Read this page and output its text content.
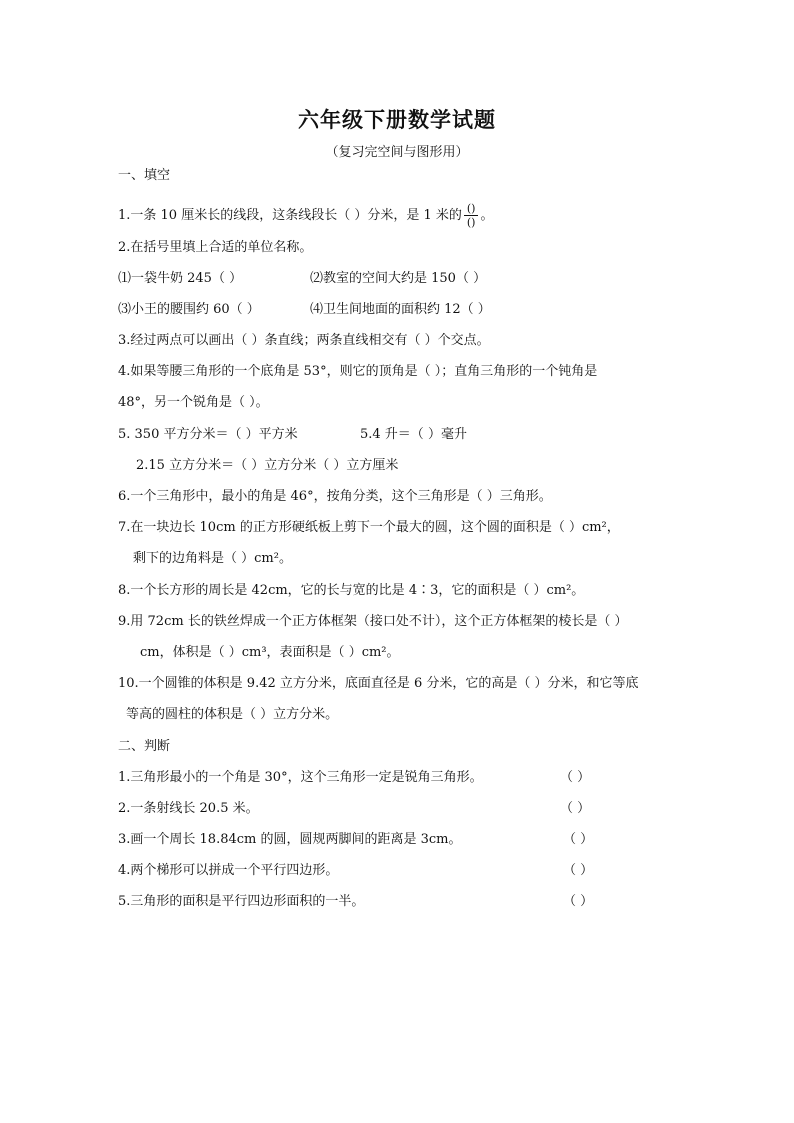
六年级下册数学试题
（复习完空间与图形用）
一、填空
1.一条 10 厘米长的线段，这条线段长（ ）分米，是 1 米的 $\frac{()}{()}$ 。
2.在括号里填上合适的单位名称。
⑴一袋牛奶 245（ ）	⑵教室的空间大约是 150（ ）
⑶小王的腰围约 60（ ）	⑷卫生间地面的面积约 12（ ）
3.经过两点可以画出（ ）条直线；两条直线相交有（ ）个交点。
4.如果等腰三角形的一个底角是 53°，则它的顶角是（ ）；直角三角形的一个钝角是
48°，另一个锐角是（ ）。
5. 350 平方分米＝（ ）平方米	5.4 升＝（ ）毫升
2.15 立方分米＝（ ）立方分米（ ）立方厘米
6.一个三角形中，最小的角是 46°，按角分类，这个三角形是（ ）三角形。
7.在一块边长 10cm 的正方形硬纸板上剪下一个最大的圆，这个圆的面积是（ ）cm²，
剩下的边角料是（ ）cm²。
8.一个长方形的周长是 42cm，它的长与宽的比是 4∶3，它的面积是（ ）cm²。
9.用 72cm 长的铁丝焊成一个正方体框架（接口处不计），这个正方体框架的棱长是（ ）
cm，体积是（ ）cm³，表面积是（ ）cm²。
10.一个圆锥的体积是 9.42 立方分米，底面直径是 6 分米，它的高是（ ）分米，和它等底
等高的圆柱的体积是（ ）立方分米。
二、判断
1.三角形最小的一个角是 30°，这个三角形一定是锐角三角形。	（ ）
2.一条射线长 20.5 米。	（ ）
3.画一个周长 18.84cm 的圆，圆规两脚间的距离是 3cm。	（ ）
4.两个梯形可以拼成一个平行四边形。	（ ）
5.三角形的面积是平行四边形面积的一半。	（ ）
